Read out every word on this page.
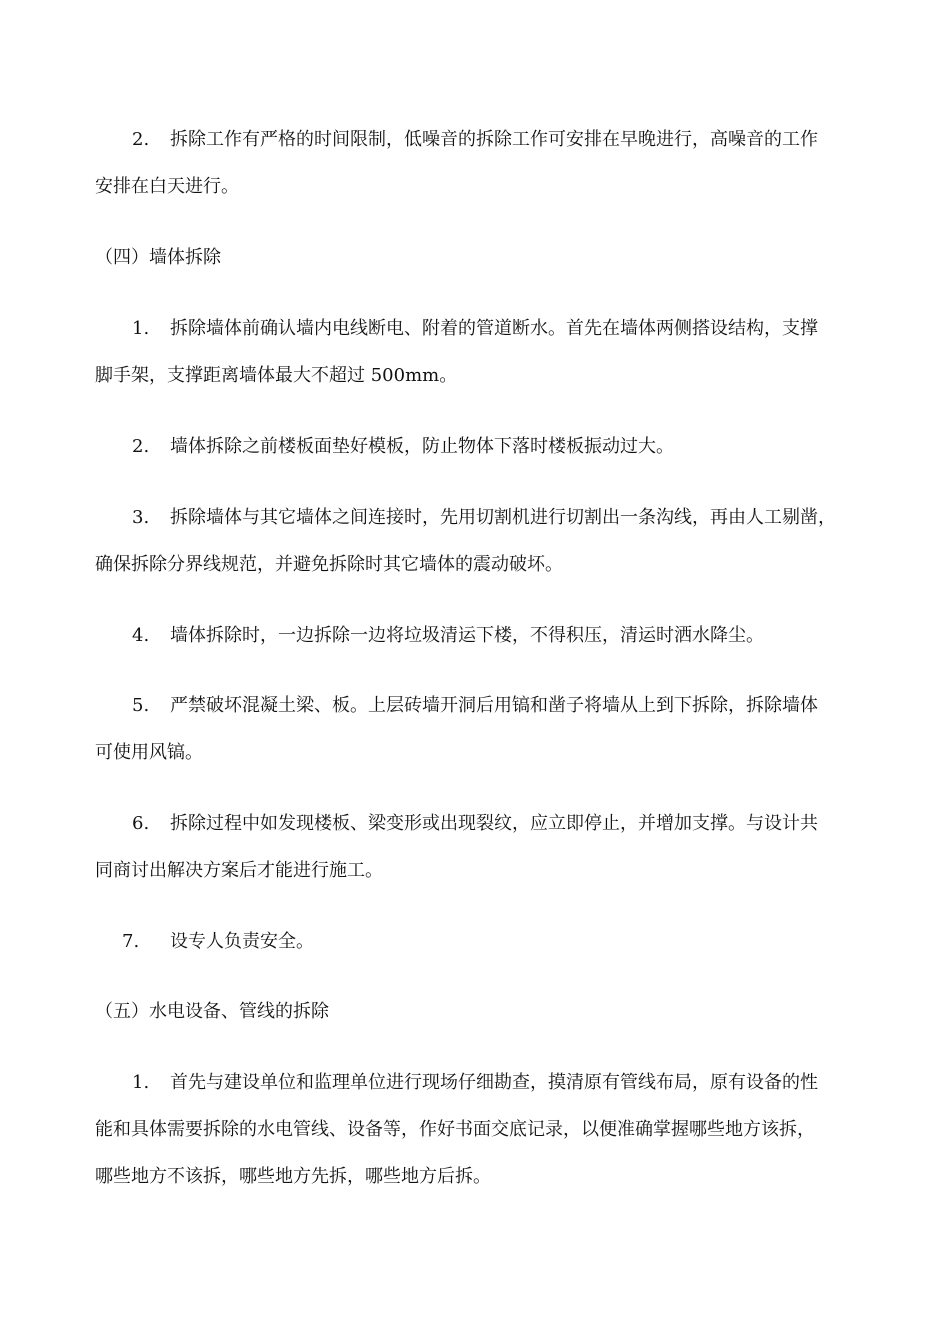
2. 拆除工作有严格的时间限制，低噪音的拆除工作可安排在早晚进行，高噪音的工作
安排在白天进行。
（四）墙体拆除
1. 拆除墙体前确认墙内电线断电、附着的管道断水。首先在墙体两侧搭设结构，支撑
脚手架，支撑距离墙体最大不超过 500mm。
2. 墙体拆除之前楼板面垫好模板，防止物体下落时楼板振动过大。
3. 拆除墙体与其它墙体之间连接时，先用切割机进行切割出一条沟线，再由人工剔凿，
确保拆除分界线规范，并避免拆除时其它墙体的震动破坏。
4. 墙体拆除时，一边拆除一边将垃圾清运下楼，不得积压，清运时洒水降尘。
5. 严禁破坏混凝土梁、板。上层砖墙开洞后用镐和凿子将墙从上到下拆除，拆除墙体
可使用风镐。
6. 拆除过程中如发现楼板、梁变形或出现裂纹，应立即停止，并增加支撑。与设计共
同商讨出解决方案后才能进行施工。
7. 设专人负责安全。
（五）水电设备、管线的拆除
1. 首先与建设单位和监理单位进行现场仔细勘查，摸清原有管线布局，原有设备的性
能和具体需要拆除的水电管线、设备等，作好书面交底记录，以便准确掌握哪些地方该拆，
哪些地方不该拆，哪些地方先拆，哪些地方后拆。
